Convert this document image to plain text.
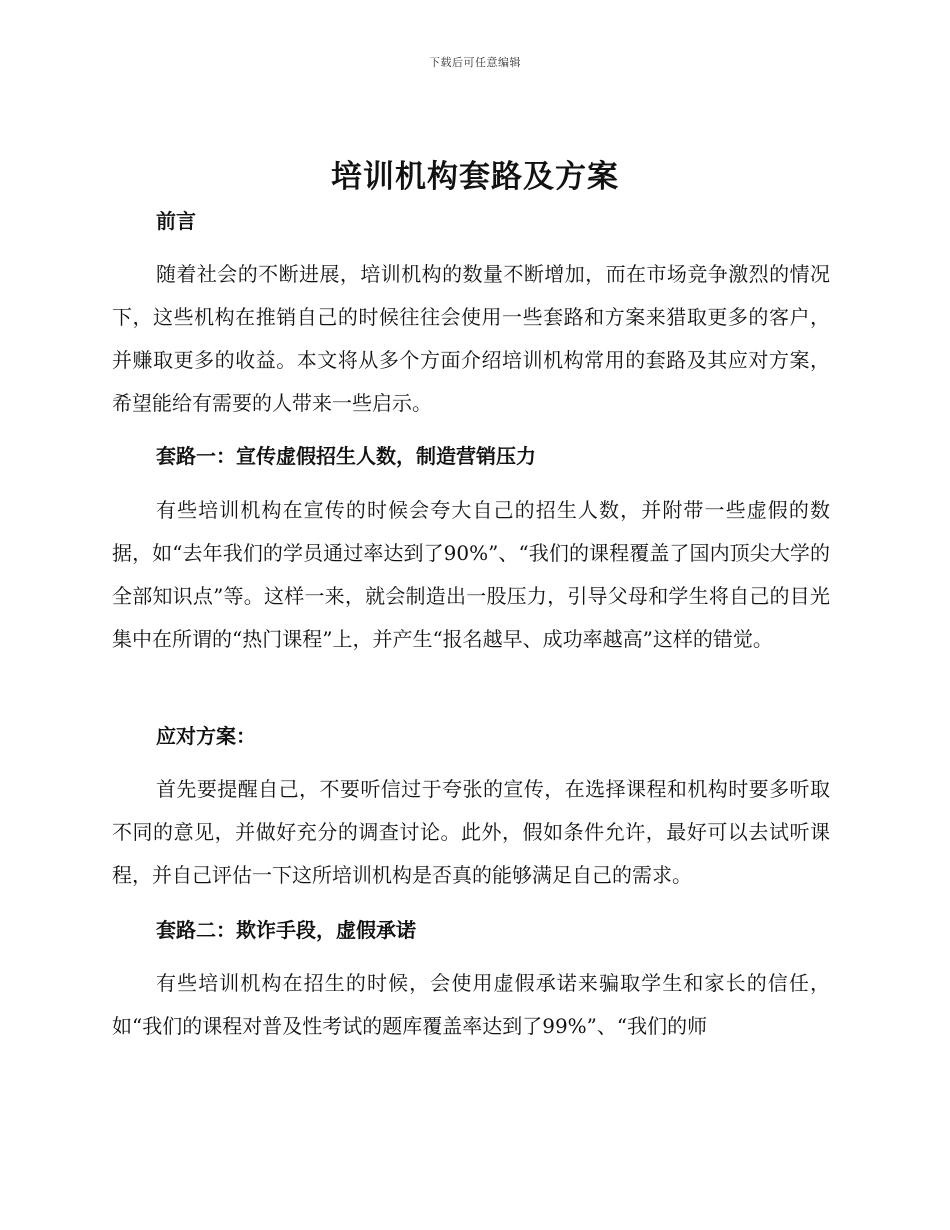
下载后可任意编辑
培训机构套路及方案
前言
随着社会的不断进展，培训机构的数量不断增加，而在市场竞争激烈的情况下，这些机构在推销自己的时候往往会使用一些套路和方案来猎取更多的客户，并赚取更多的收益。本文将从多个方面介绍培训机构常用的套路及其应对方案，希望能给有需要的人带来一些启示。
套路一：宣传虚假招生人数，制造营销压力
有些培训机构在宣传的时候会夸大自己的招生人数，并附带一些虚假的数据，如“去年我们的学员通过率达到了90%”、“我们的课程覆盖了国内顶尖大学的全部知识点”等。这样一来，就会制造出一股压力，引导父母和学生将自己的目光集中在所谓的“热门课程”上，并产生“报名越早、成功率越高”这样的错觉。
应对方案：
首先要提醒自己，不要听信过于夸张的宣传，在选择课程和机构时要多听取不同的意见，并做好充分的调查讨论。此外，假如条件允许，最好可以去试听课程，并自己评估一下这所培训机构是否真的能够满足自己的需求。
套路二：欺诈手段，虚假承诺
有些培训机构在招生的时候，会使用虚假承诺来骗取学生和家长的信任，如“我们的课程对普及性考试的题库覆盖率达到了99%”、“我们的师
